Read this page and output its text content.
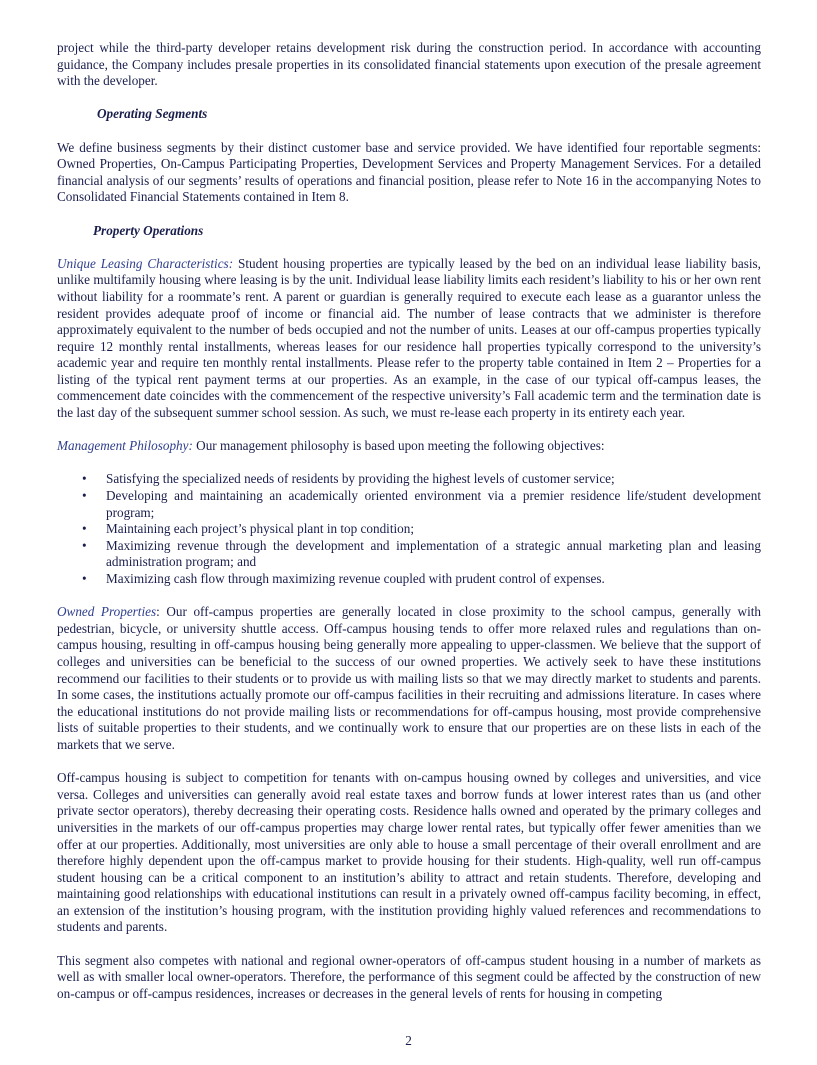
project while the third-party developer retains development risk during the construction period. In accordance with accounting guidance, the Company includes presale properties in its consolidated financial statements upon execution of the presale agreement with the developer.

Operating Segments

We define business segments by their distinct customer base and service provided. We have identified four reportable segments: Owned Properties, On-Campus Participating Properties, Development Services and Property Management Services. For a detailed financial analysis of our segments’ results of operations and financial position, please refer to Note 16 in the accompanying Notes to Consolidated Financial Statements contained in Item 8.

Property Operations

Unique Leasing Characteristics: Student housing properties are typically leased by the bed on an individual lease liability basis, unlike multifamily housing where leasing is by the unit. Individual lease liability limits each resident’s liability to his or her own rent without liability for a roommate’s rent. A parent or guardian is generally required to execute each lease as a guarantor unless the resident provides adequate proof of income or financial aid. The number of lease contracts that we administer is therefore approximately equivalent to the number of beds occupied and not the number of units. Leases at our off-campus properties typically require 12 monthly rental installments, whereas leases for our residence hall properties typically correspond to the university’s academic year and require ten monthly rental installments. Please refer to the property table contained in Item 2 – Properties for a listing of the typical rent payment terms at our properties. As an example, in the case of our typical off-campus leases, the commencement date coincides with the commencement of the respective university’s Fall academic term and the termination date is the last day of the subsequent summer school session. As such, we must re-lease each property in its entirety each year.

Management Philosophy: Our management philosophy is based upon meeting the following objectives:

• Satisfying the specialized needs of residents by providing the highest levels of customer service;
• Developing and maintaining an academically oriented environment via a premier residence life/student development program;
• Maintaining each project’s physical plant in top condition;
• Maximizing revenue through the development and implementation of a strategic annual marketing plan and leasing administration program; and
• Maximizing cash flow through maximizing revenue coupled with prudent control of expenses.

Owned Properties: Our off-campus properties are generally located in close proximity to the school campus, generally with pedestrian, bicycle, or university shuttle access. Off-campus housing tends to offer more relaxed rules and regulations than on-campus housing, resulting in off-campus housing being generally more appealing to upper-classmen. We believe that the support of colleges and universities can be beneficial to the success of our owned properties. We actively seek to have these institutions recommend our facilities to their students or to provide us with mailing lists so that we may directly market to students and parents. In some cases, the institutions actually promote our off-campus facilities in their recruiting and admissions literature. In cases where the educational institutions do not provide mailing lists or recommendations for off-campus housing, most provide comprehensive lists of suitable properties to their students, and we continually work to ensure that our properties are on these lists in each of the markets that we serve.

Off-campus housing is subject to competition for tenants with on-campus housing owned by colleges and universities, and vice versa. Colleges and universities can generally avoid real estate taxes and borrow funds at lower interest rates than us (and other private sector operators), thereby decreasing their operating costs. Residence halls owned and operated by the primary colleges and universities in the markets of our off-campus properties may charge lower rental rates, but typically offer fewer amenities than we offer at our properties. Additionally, most universities are only able to house a small percentage of their overall enrollment and are therefore highly dependent upon the off-campus market to provide housing for their students. High-quality, well run off-campus student housing can be a critical component to an institution’s ability to attract and retain students. Therefore, developing and maintaining good relationships with educational institutions can result in a privately owned off-campus facility becoming, in effect, an extension of the institution’s housing program, with the institution providing highly valued references and recommendations to students and parents.

This segment also competes with national and regional owner-operators of off-campus student housing in a number of markets as well as with smaller local owner-operators. Therefore, the performance of this segment could be affected by the construction of new on-campus or off-campus residences, increases or decreases in the general levels of rents for housing in competing

2
